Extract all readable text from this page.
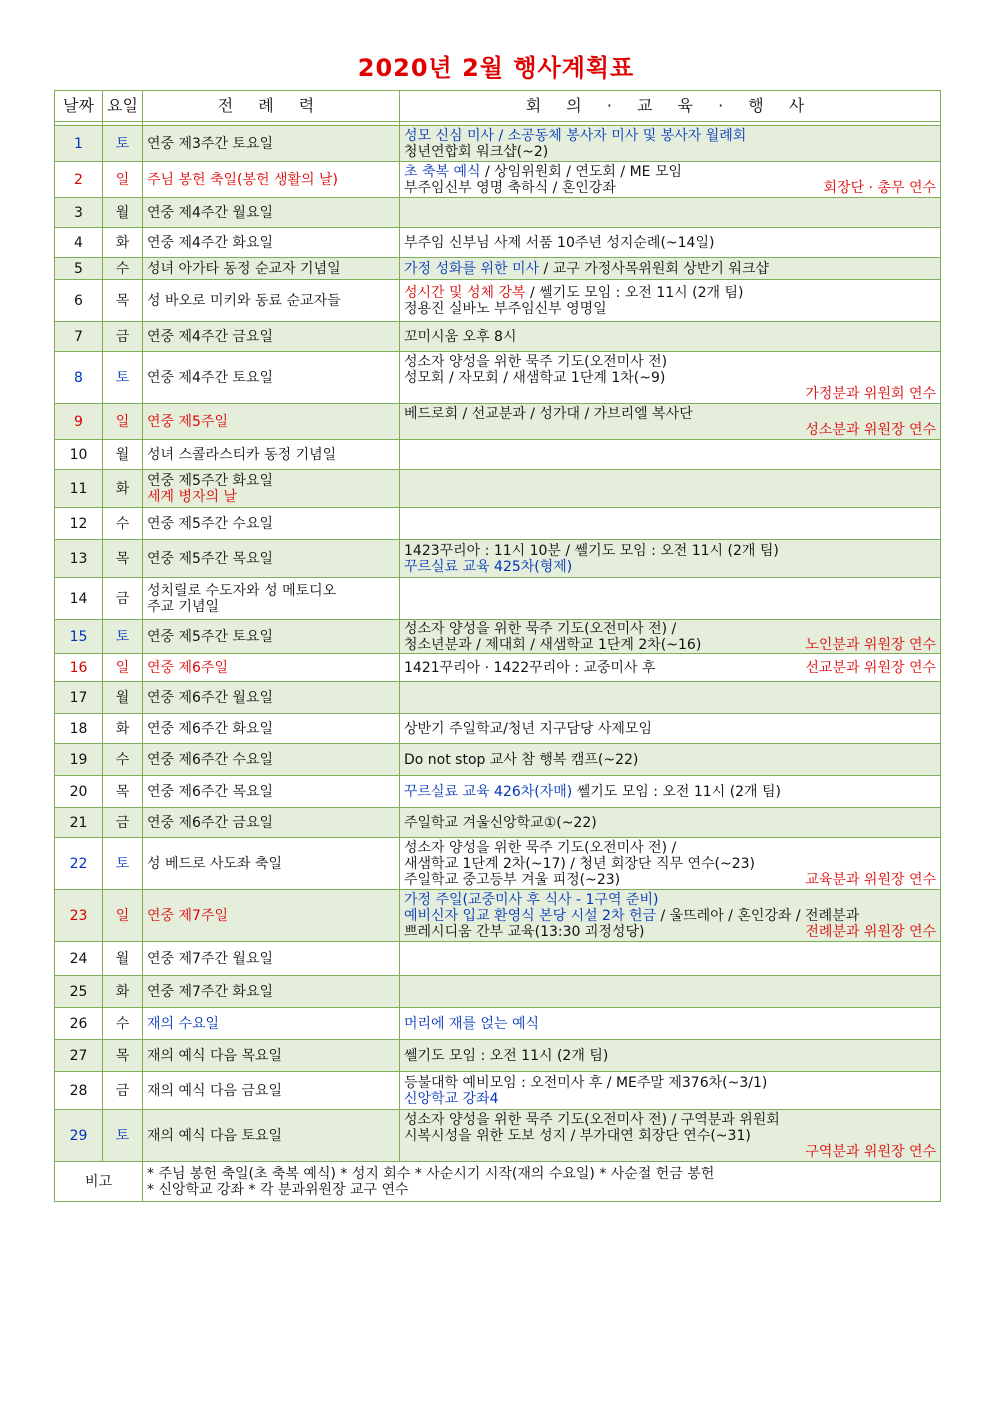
2020년 2월 행사계획표
날짜	요일	전 례 력	회 의 · 교 육 · 행 사

1	토	연중 제3주간 토요일	성모 신심 미사 / 소공동체 봉사자 미사 및 봉사자 월례회
청년연합회 워크샵(~2)

2	일	주님 봉헌 축일(봉헌 생활의 날)	초 축복 예식 / 상임위원회 / 연도회 / ME 모임
부주임신부 영명 축하식 / 혼인강좌 회장단 · 총무 연수

3	월	연중 제4주간 월요일	

4	화	연중 제4주간 화요일	부주임 신부님 사제 서품 10주년 성지순례(~14일)

5	수	성녀 아가타 동정 순교자 기념일	가정 성화를 위한 미사 / 교구 가정사목위원회 상반기 워크샵

6	목	성 바오로 미키와 동료 순교자들	성시간 및 성체 강복 / 쎌기도 모임 : 오전 11시 (2개 팀)
정용진 실바노 부주임신부 영명일

7	금	연중 제4주간 금요일	꼬미시움 오후 8시

8	토	연중 제4주간 토요일	성소자 양성을 위한 묵주 기도(오전미사 전)
성모회 / 자모회 / 새샘학교 1단계 1차(~9)
가정분과 위원회 연수

9	일	연중 제5주일	베드로회 / 선교분과 / 성가대 / 가브리엘 복사단
성소분과 위원장 연수

10	월	성녀 스콜라스티카 동정 기념일	

11	화	연중 제5주간 화요일
세계 병자의 날	

12	수	연중 제5주간 수요일	

13	목	연중 제5주간 목요일	1423꾸리아 : 11시 10분 / 쎌기도 모임 : 오전 11시 (2개 팀)
꾸르실료 교육 425차(형제)

14	금	성치릴로 수도자와 성 메토디오
주교 기념일	

15	토	연중 제5주간 토요일	성소자 양성을 위한 묵주 기도(오전미사 전) /
청소년분과 / 제대회 / 새샘학교 1단계 2차(~16) 노인분과 위원장 연수

16	일	연중 제6주일	1421꾸리아 · 1422꾸리아 : 교중미사 후 선교분과 위원장 연수

17	월	연중 제6주간 월요일	

18	화	연중 제6주간 화요일	상반기 주일학교/청년 지구담당 사제모임

19	수	연중 제6주간 수요일	Do not stop 교사 참 행복 캠프(~22)

20	목	연중 제6주간 목요일	꾸르실료 교육 426차(자매) 쎌기도 모임 : 오전 11시 (2개 팀)

21	금	연중 제6주간 금요일	주일학교 겨울신앙학교①(~22)

22	토	성 베드로 사도좌 축일	성소자 양성을 위한 묵주 기도(오전미사 전) /
새샘학교 1단계 2차(~17) / 청년 회장단 직무 연수(~23)
주일학교 중고등부 겨울 피정(~23) 교육분과 위원장 연수

23	일	연중 제7주일	가정 주일(교중미사 후 식사 - 1구역 준비)
예비신자 입교 환영식 본당 시설 2차 헌금 / 울뜨레아 / 혼인강좌 / 전례분과
쁘레시디움 간부 교육(13:30 괴정성당) 전례분과 위원장 연수

24	월	연중 제7주간 월요일	

25	화	연중 제7주간 화요일	

26	수	재의 수요일	머리에 재를 얹는 예식

27	목	재의 예식 다음 목요일	쎌기도 모임 : 오전 11시 (2개 팀)

28	금	재의 예식 다음 금요일	등불대학 예비모임 : 오전미사 후 / ME주말 제376차(~3/1)
신앙학교 강좌4

29	토	재의 예식 다음 토요일	성소자 양성을 위한 묵주 기도(오전미사 전) / 구역분과 위원회
시복시성을 위한 도보 성지 / 부가대연 회장단 연수(~31)
구역분과 위원장 연수

비고		* 주님 봉헌 축일(초 축복 예식) * 성지 회수 * 사순시기 시작(재의 수요일) * 사순절 헌금 봉헌
* 신앙학교 강좌 * 각 분과위원장 교구 연수	
